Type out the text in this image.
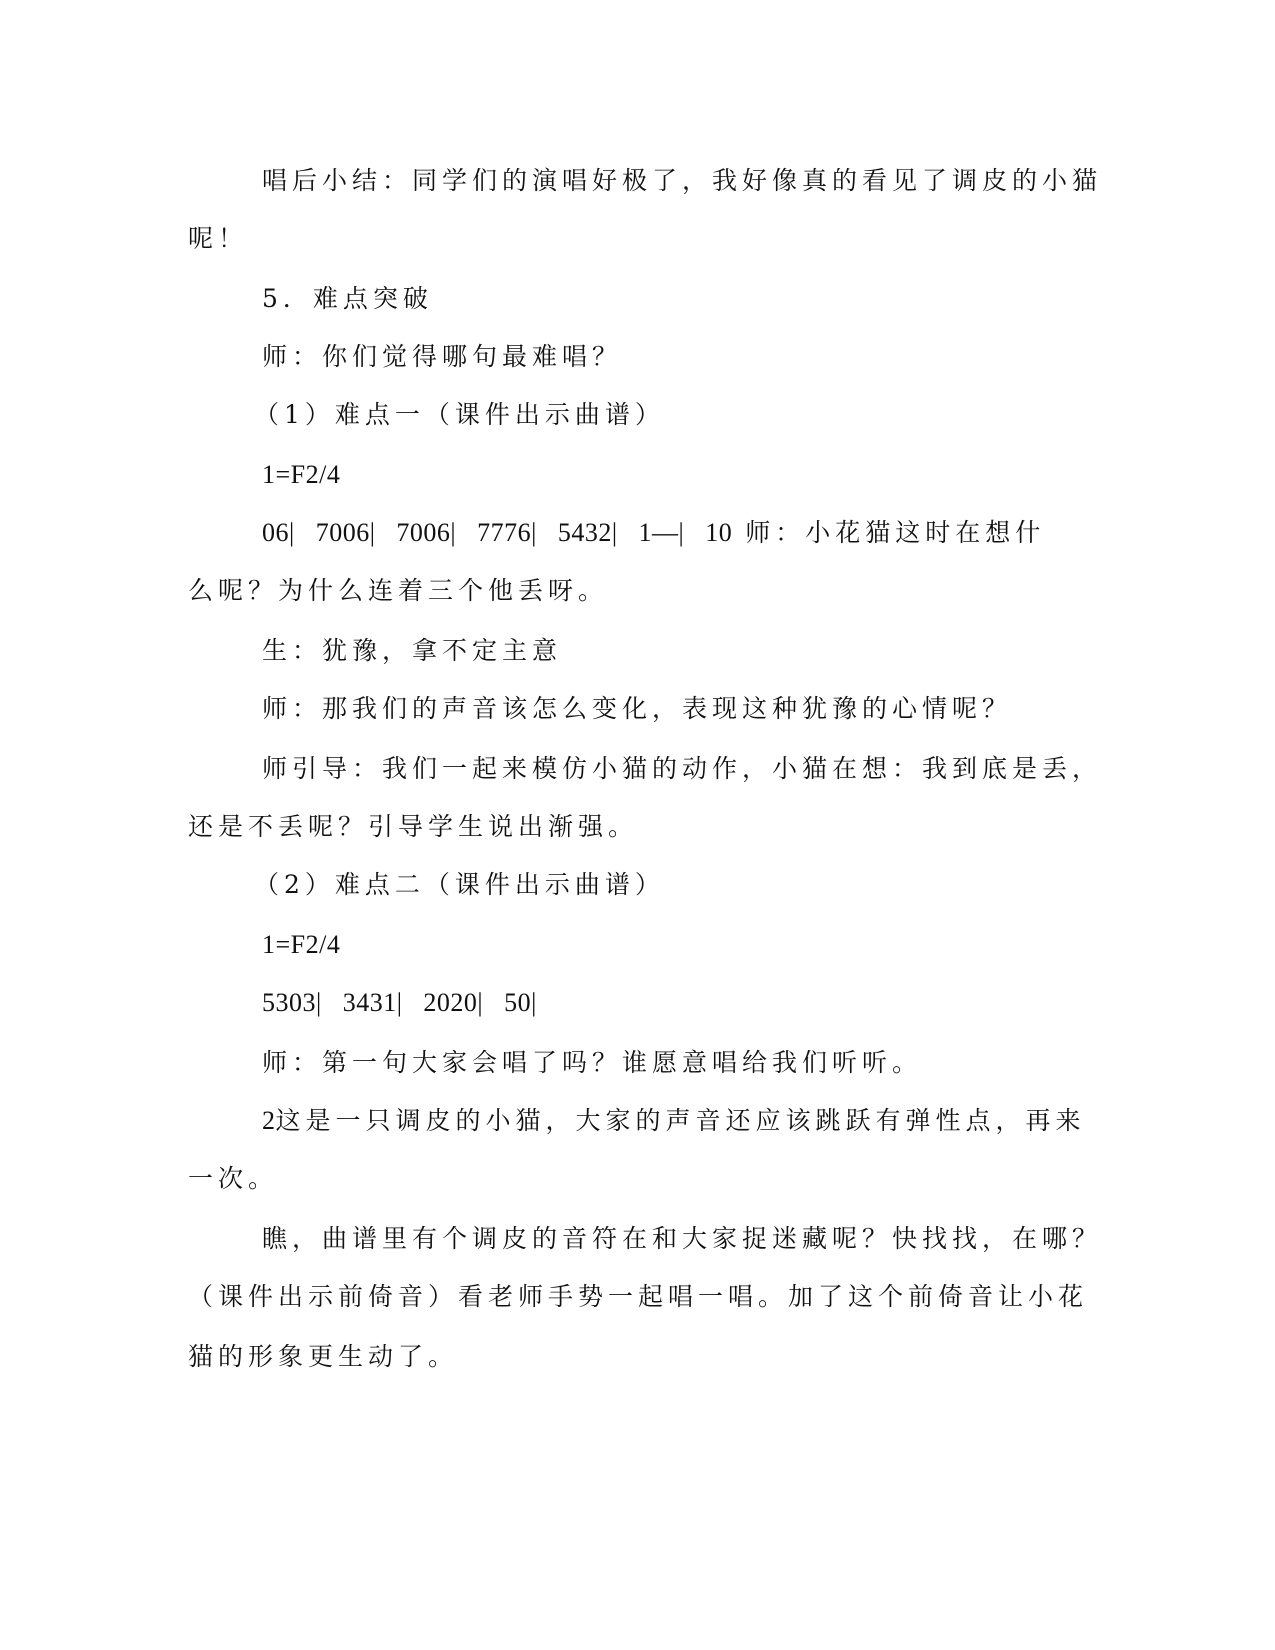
唱后小结：同学们的演唱好极了，我好像真的看见了调皮的小猫
呢！
5．难点突破
师：你们觉得哪句最难唱？
（1）难点一（课件出示曲谱）
1=F2/4
06|   7006|   7006|   7776|   5432|   1—|   10 师：小花猫这时在想什
么呢？为什么连着三个他丢呀。
生：犹豫，拿不定主意
师：那我们的声音该怎么变化，表现这种犹豫的心情呢？
师引导：我们一起来模仿小猫的动作，小猫在想：我到底是丢，
还是不丢呢？引导学生说出渐强。
（2）难点二（课件出示曲谱）
1=F2/4
5303|   3431|   2020|   50|
师：第一句大家会唱了吗？谁愿意唱给我们听听。
2这是一只调皮的小猫，大家的声音还应该跳跃有弹性点，再来
一次。
瞧，曲谱里有个调皮的音符在和大家捉迷藏呢？快找找，在哪？
（课件出示前倚音）看老师手势一起唱一唱。加了这个前倚音让小花
猫的形象更生动了。
